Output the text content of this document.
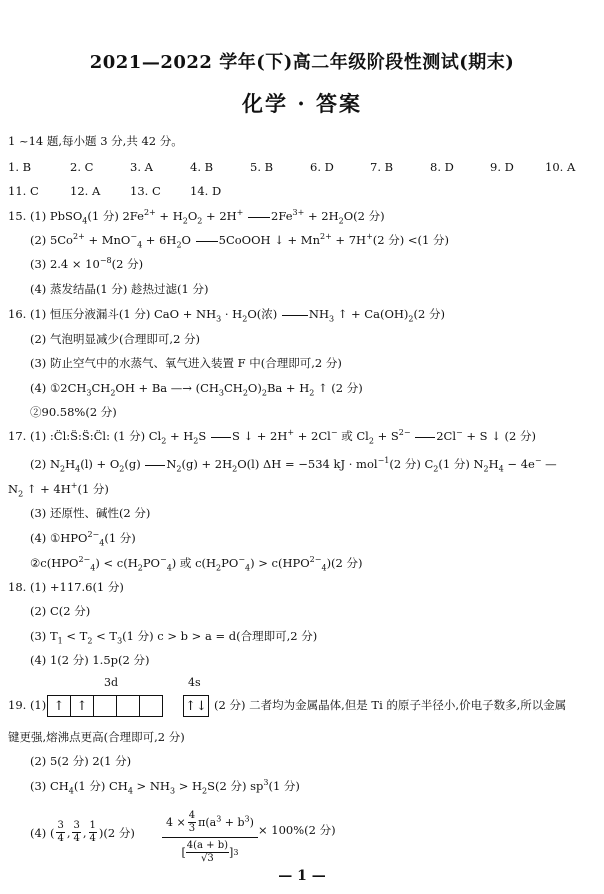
2021—2022 学年(下)高二年级阶段性测试(期末)
化学 · 答案
1 ~14 题,每小题 3 分,共 42 分。
1. B	2. C	3. A	4. B	5. B	6. D	7. B	8. D	9. D	10. A
11. C	12. A	13. C	14. D
15. (1) PbSO$_4$(1 分) $2Fe^{2+} + H_2O_2 + 2H^+$ $2Fe^{3+} + 2H_2O(2$ 分)
(2) $5Co^{2+} + MnO^-_4 + 6H_2O$ 5CoOOH ↓ + $Mn^{2+} + 7H^+(2$ 分) <(1 分)
(3) $2.4 \times 10^{-8}(2$ 分)
(4) 蒸发结晶(1 分) 趁热过滤(1 分)
16. (1) 恒压分液漏斗(1 分) CaO + $NH_3 \cdot H_2O$(浓)	$NH_3$ ↑ + $Ca(OH)_2(2$ 分)
(2) 气泡明显减少(合理即可,2 分)
(3) 防止空气中的水蒸气、氧气进入装置 F 中(合理即可,2 分)
(4) $①2CH_3CH_2OH + Ba$ —→ $(CH_3CH_2O)_2Ba + H_2$ ↑ (2 分)
②90.58%(2 分)
17. (1) :C̈l:S̈:S̈:C̈l: (1 分) $Cl_2 + H_2S$ S ↓ + 2H+ + 2Cl− 或 $Cl_2 + S^{2-}$ 2Cl− + S ↓ (2 分)
(2) $N_2H_4(l) + O_2(g) N_2(g) + 2H_2O(l) \Delta H = -534$ kJ · mol$^{-1}$(2 分) $C_2(1$ 分) $N_2H_4 - 4e^-$ —
$N_2$ ↑ + 4H+(1 分)
(3) 还原性、碱性(2 分)
(4) $①HPO^{2-}_4(1$ 分)
$②c(HPO^{2-}_4) < c(H_2PO^-_4)$ 或 $c(H_2PO^-_4) > c(HPO^{2-}_4)(2$ 分)
18. (1) +117.6(1 分)
(2) C(2 分)
(3) $T_1 < T_2 < T_3(1$ 分) c > b > a = d(合理即可,2 分)
(4) 1(2 分) 1.5p(2 分)
3d	4s
19. (1) ↑ ↑	↑↓ (2 分) 二者均为金属晶体,但是 Ti 的原子半径小,价电子数多,所以金属
键更强,熔沸点更高(合理即可,2 分)
(2) 5(2 分) 2(1 分)
(3) $CH_4(1$ 分) $CH_4 > NH_3 > H_2S(2$ 分) $sp^3(1$ 分)
(4) ( $\frac{3}{4}$ , $\frac{3}{4}$ , $\frac{1}{4} )(2$ 分) $\frac{4 \times \frac{4}{3} \pi(a^3 + b^3)}{[ \frac{4(a + b)}{√3} ] 3} \times 100\%(2$ 分)
— 1 —
